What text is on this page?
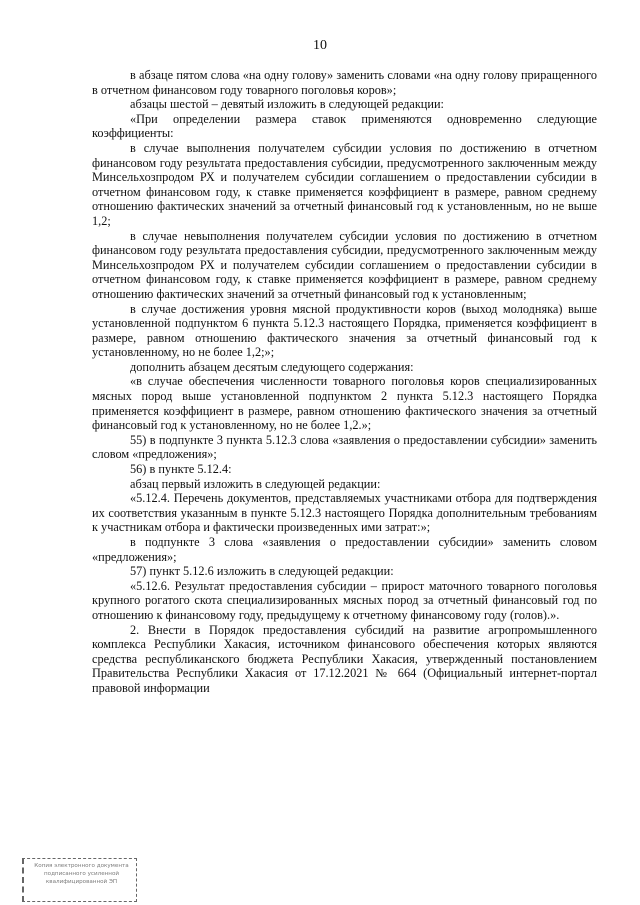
10

в абзаце пятом слова «на одну голову» заменить словами «на одну голову приращенного в отчетном финансовом году товарного поголовья коров»;

абзацы шестой – девятый изложить в следующей редакции:

«При определении размера ставок применяются одновременно следующие коэффициенты:

в случае выполнения получателем субсидии условия по достижению в отчетном финансовом году результата предоставления субсидии, предусмотренного заключенным между Минсельхозпродом РХ и получателем субсидии соглашением о предоставлении субсидии в отчетном финансовом году, к ставке применяется коэффициент в размере, равном среднему отношению фактических значений за отчетный финансовый год к установленным, но не выше 1,2;

в случае невыполнения получателем субсидии условия по достижению в отчетном финансовом году результата предоставления субсидии, предусмотренного заключенным между Минсельхозпродом РХ и получателем субсидии соглашением о предоставлении субсидии в отчетном финансовом году, к ставке применяется коэффициент в размере, равном среднему отношению фактических значений за отчетный финансовый год к установленным;

в случае достижения уровня мясной продуктивности коров (выход молодняка) выше установленной подпунктом 6 пункта 5.12.3 настоящего Порядка, применяется коэффициент в размере, равном отношению фактического значения за отчетный финансовый год к установленному, но не более 1,2;»;

дополнить абзацем десятым следующего содержания:

«в случае обеспечения численности товарного поголовья коров специализированных мясных пород выше установленной подпунктом 2 пункта 5.12.3 настоящего Порядка применяется коэффициент в размере, равном отношению фактического значения за отчетный финансовый год к установленному, но не более 1,2.»;

55) в подпункте 3 пункта 5.12.3 слова «заявления о предоставлении субсидии» заменить словом «предложения»;

56) в пункте 5.12.4:

абзац первый изложить в следующей редакции:

«5.12.4. Перечень документов, представляемых участниками отбора для подтверждения их соответствия указанным в пункте 5.12.3 настоящего Порядка дополнительным требованиям к участникам отбора и фактически произведенных ими затрат:»;

в подпункте 3 слова «заявления о предоставлении субсидии» заменить словом «предложения»;

57) пункт 5.12.6 изложить в следующей редакции:

«5.12.6. Результат предоставления субсидии – прирост маточного товарного поголовья крупного рогатого скота специализированных мясных пород за отчетный финансовый год по отношению к финансовому году, предыдущему к отчетному финансовому году (голов).».

2. Внести в Порядок предоставления субсидий на развитие агропромышленного комплекса Республики Хакасия, источником финансового обеспечения которых являются средства республиканского бюджета Республики Хакасия, утвержденный постановлением Правительства Республики Хакасия от 17.12.2021 № 664 (Официальный интернет-портал правовой информации

Копия электронного документа
подписанного усиленной
квалифицированной ЭП
